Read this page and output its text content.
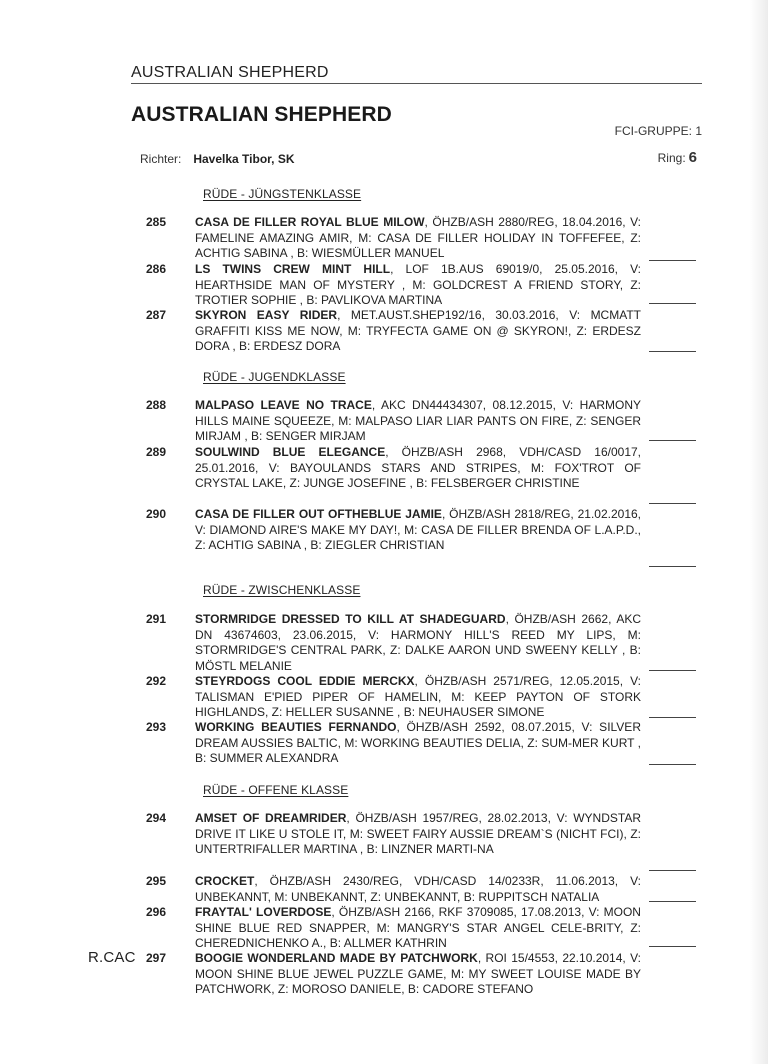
AUSTRALIAN SHEPHERD
AUSTRALIAN SHEPHERD
FCI-GRUPPE: 1
Richter: Havelka Tibor, SK	Ring: 6
RÜDE - JÜNGSTENKLASSE
285	CASA DE FILLER ROYAL BLUE MILOW, ÖHZB/ASH 2880/REG, 18.04.2016, V: FAMELINE AMAZING AMIR, M: CASA DE FILLER HOLIDAY IN TOFFEFEE, Z: ACHTIG SABINA , B: WIESMÜLLER MANUEL
286	LS TWINS CREW MINT HILL, LOF 1B.AUS 69019/0, 25.05.2016, V: HEARTHSIDE MAN OF MYSTERY , M: GOLDCREST A FRIEND STORY, Z: TROTIER SOPHIE , B: PAVLIKOVA MARTINA
287	SKYRON EASY RIDER, MET.AUST.SHEP192/16, 30.03.2016, V: MCMATT GRAFFITI KISS ME NOW, M: TRYFECTA GAME ON @ SKYRON!, Z: ERDESZ DORA , B: ERDESZ DORA
RÜDE - JUGENDKLASSE
288	MALPASO LEAVE NO TRACE, AKC DN44434307, 08.12.2015, V: HARMONY HILLS MAINE SQUEEZE, M: MALPASO LIAR LIAR PANTS ON FIRE, Z: SENGER MIRJAM , B: SENGER MIRJAM
289	SOULWIND BLUE ELEGANCE, ÖHZB/ASH 2968, VDH/CASD 16/0017, 25.01.2016, V: BAYOULANDS STARS AND STRIPES, M: FOX'TROT OF CRYSTAL LAKE, Z: JUNGE JOSEFINE , B: FELSBERGER CHRISTINE
290	CASA DE FILLER OUT OFTHEBLUE JAMIE, ÖHZB/ASH 2818/REG, 21.02.2016, V: DIAMOND AIRE'S MAKE MY DAY!, M: CASA DE FILLER BRENDA OF L.A.P.D., Z: ACHTIG SABINA , B: ZIEGLER CHRISTIAN
RÜDE - ZWISCHENKLASSE
291	STORMRIDGE DRESSED TO KILL AT SHADEGUARD, ÖHZB/ASH 2662, AKC DN 43674603, 23.06.2015, V: HARMONY HILL'S REED MY LIPS, M: STORMRIDGE'S CENTRAL PARK, Z: DALKE AARON UND SWEENY KELLY , B: MÖSTL MELANIE
292	STEYRDOGS COOL EDDIE MERCKX, ÖHZB/ASH 2571/REG, 12.05.2015, V: TALISMAN E'PIED PIPER OF HAMELIN, M: KEEP PAYTON OF STORK HIGHLANDS, Z: HELLER SUSANNE , B: NEUHAUSER SIMONE
293	WORKING BEAUTIES FERNANDO, ÖHZB/ASH 2592, 08.07.2015, V: SILVER DREAM AUSSIES BALTIC, M: WORKING BEAUTIES DELIA, Z: SUM-MER KURT , B: SUMMER ALEXANDRA
RÜDE - OFFENE KLASSE
294	AMSET OF DREAMRIDER, ÖHZB/ASH 1957/REG, 28.02.2013, V: WYNDSTAR DRIVE IT LIKE U STOLE IT, M: SWEET FAIRY AUSSIE DREAM`S (NICHT FCI), Z: UNTERTRIFALLER MARTINA , B: LINZNER MARTI-NA
295	CROCKET, ÖHZB/ASH 2430/REG, VDH/CASD 14/0233R, 11.06.2013, V: UNBEKANNT, M: UNBEKANNT, Z: UNBEKANNT, B: RUPPITSCH NATALIA
296	FRAYTAL' LOVERDOSE, ÖHZB/ASH 2166, RKF 3709085, 17.08.2013, V: MOON SHINE BLUE RED SNAPPER, M: MANGRY'S STAR ANGEL CELE-BRITY, Z: CHEREDNICHENKO A., B: ALLMER KATHRIN
297	BOOGIE WONDERLAND MADE BY PATCHWORK, ROI 15/4553, 22.10.2014, V: MOON SHINE BLUE JEWEL PUZZLE GAME, M: MY SWEET LOUISE MADE BY PATCHWORK, Z: MOROSO DANIELE, B: CADORE STEFANO
R.CAC
